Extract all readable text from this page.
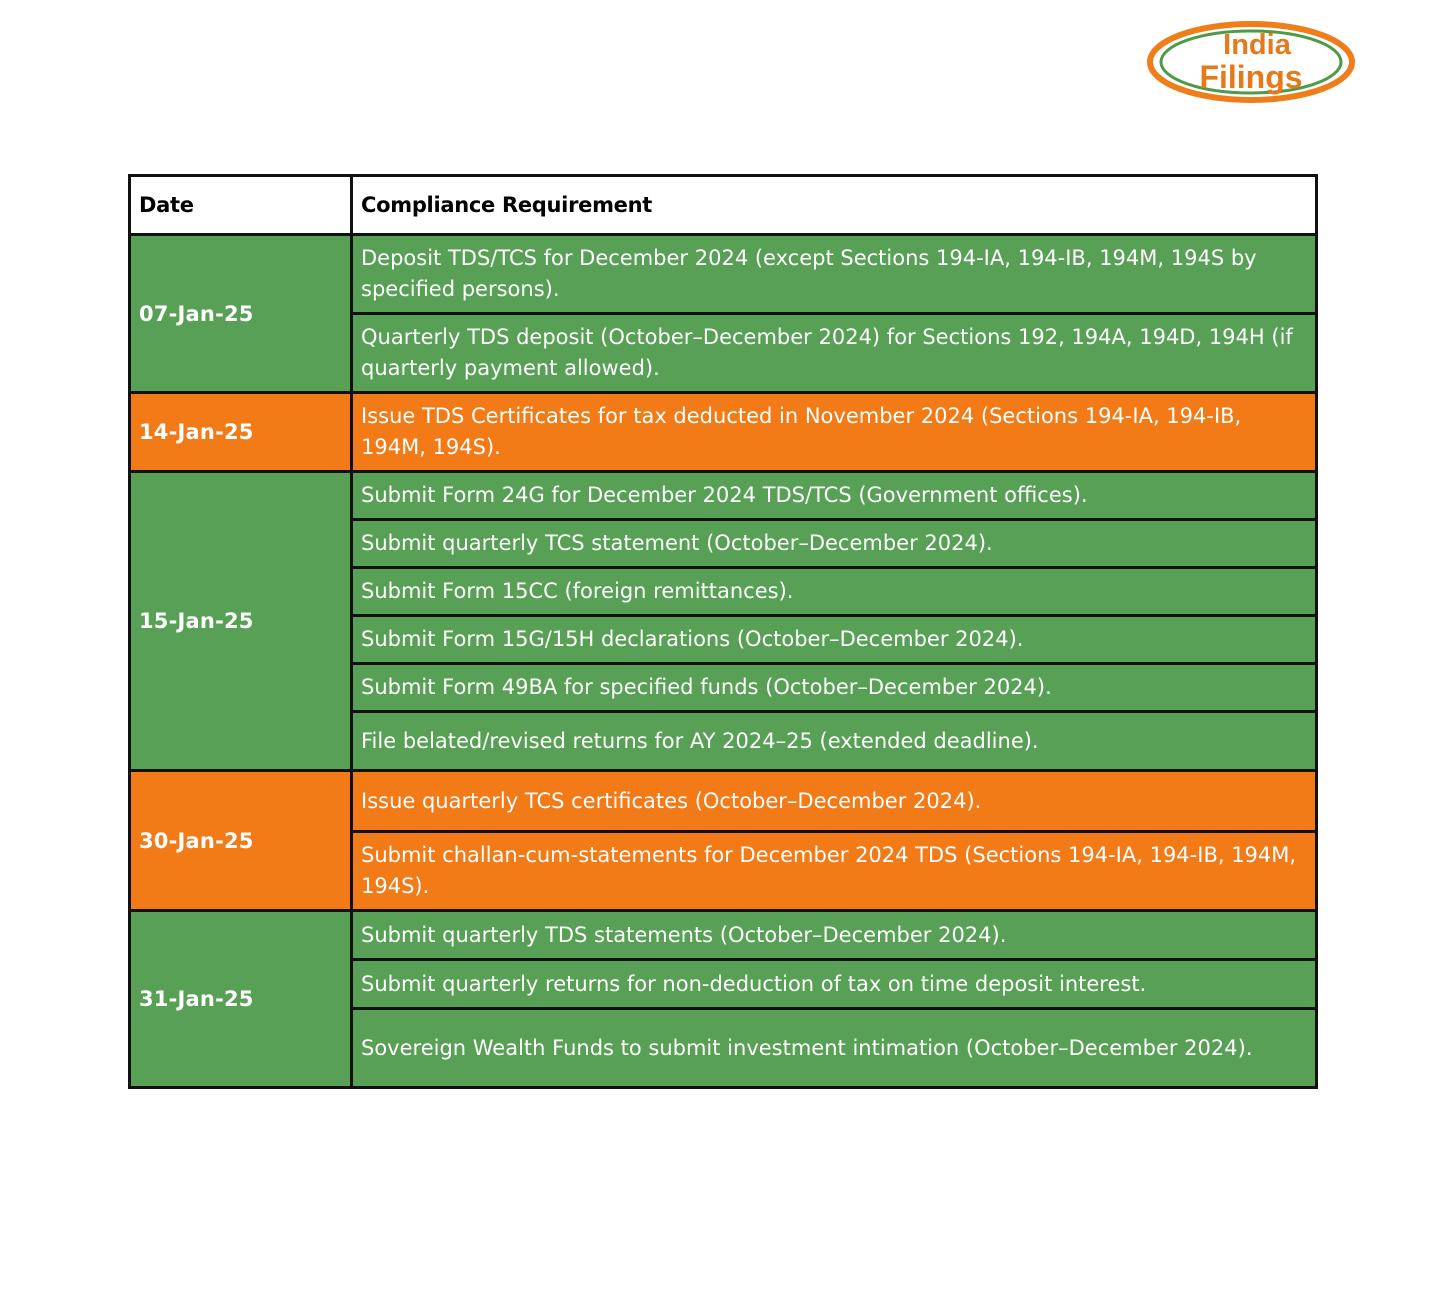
India
Filings
Date	Compliance Requirement
07-Jan-25	Deposit TDS/TCS for December 2024 (except Sections 194-IA, 194-IB, 194M, 194S by specified persons).
	Quarterly TDS deposit (October–December 2024) for Sections 192, 194A, 194D, 194H (if quarterly payment allowed).
14-Jan-25	Issue TDS Certificates for tax deducted in November 2024 (Sections 194-IA, 194-IB, 194M, 194S).
15-Jan-25	Submit Form 24G for December 2024 TDS/TCS (Government offices).
	Submit quarterly TCS statement (October–December 2024).
	Submit Form 15CC (foreign remittances).
	Submit Form 15G/15H declarations (October–December 2024).
	Submit Form 49BA for specified funds (October–December 2024).
	File belated/revised returns for AY 2024–25 (extended deadline).
30-Jan-25	Issue quarterly TCS certificates (October–December 2024).
	Submit challan-cum-statements for December 2024 TDS (Sections 194-IA, 194-IB, 194M, 194S).
31-Jan-25	Submit quarterly TDS statements (October–December 2024).
	Submit quarterly returns for non-deduction of tax on time deposit interest.
	Sovereign Wealth Funds to submit investment intimation (October–December 2024).
